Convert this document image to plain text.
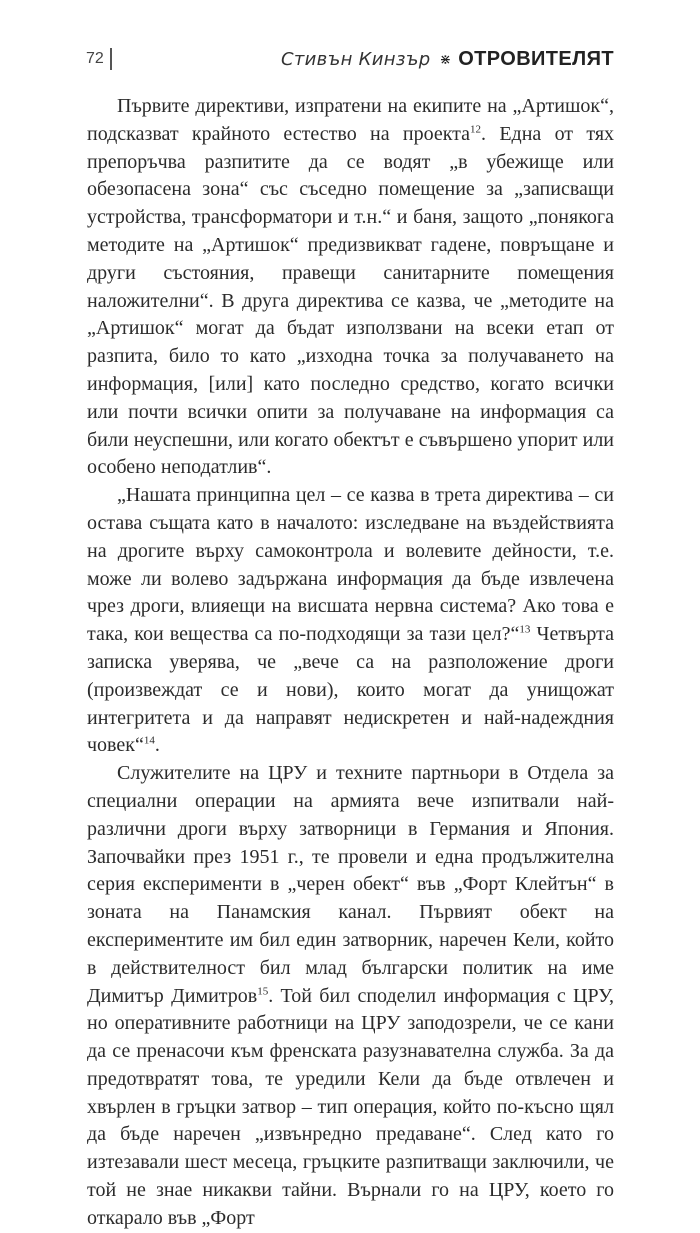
72	Стивън Кинзър ⋇ ОТРОВИТЕЛЯТ

Първите директиви, изпратени на екипите на „Артишок“, подсказват крайното естество на проекта$^{12}$. Една от тях препоръчва разпитите да се водят „в убежище или обезопасена зона“ със съседно помещение за „записващи устройства, трансформатори и т.н.“ и баня, защото „понякога методите на „Артишок“ предизвикват гадене, повръщане и други състояния, правещи санитарните помещения наложителни“. В друга директива се казва, че „методите на „Артишок“ могат да бъдат използвани на всеки етап от разпита, било то като „изходна точка за получаването на информация, [или] като последно средство, когато всички или почти всички опити за получаване на информация са били неуспешни, или когато обектът е съвършено упорит или особено неподатлив“.

„Нашата принципна цел – се казва в трета директива – си остава същата като в началото: изследване на въздействията на дрогите върху самоконтрола и волевите дейности, т.е. може ли волево задържана информация да бъде извлечена чрез дроги, влияещи на висшата нервна система? Ако това е така, кои вещества са по-подходящи за тази цел?“$^{13}$ Четвърта записка уверява, че „вече са на разположение дроги (произвеждат се и нови), които могат да унищожат интегритета и да направят недискретен и най-надеждния човек“$^{14}$.

Служителите на ЦРУ и техните партньори в Отдела за специални операции на армията вече изпитвали най-различни дроги върху затворници в Германия и Япония. Започвайки през 1951 г., те провели и една продължителна серия експерименти в „черен обект“ във „Форт Клейтън“ в зоната на Панамския канал. Първият обект на експериментите им бил един затворник, наречен Кели, който в действителност бил млад български политик на име Димитър Димитров$^{15}$. Той бил споделил информация с ЦРУ, но оперативните работници на ЦРУ заподозрели, че се кани да се пренасочи към френската разузнавателна служба. За да предотвратят това, те уредили Кели да бъде отвлечен и хвърлен в гръцки затвор – тип операция, който по-късно щял да бъде наречен „извънредно предаване“. След като го изтезавали шест месеца, гръцките разпитващи заключили, че той не знае никакви тайни. Върнали го на ЦРУ, което го откарало във „Форт
